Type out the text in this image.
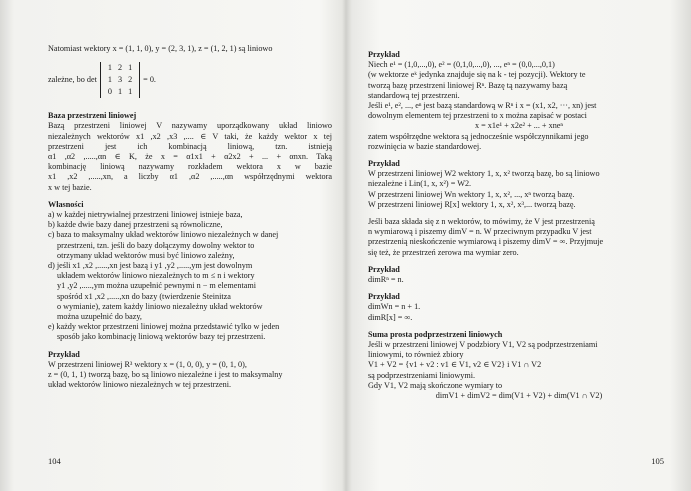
Natomiast wektory x = (1, 1, 0), y = (2, 3, 1), z = (1, 2, 1) są liniowo
zależne, bo det
1	2	1
1	3	2
0	1	1
= 0.
Baza przestrzeni liniowej
Bazą przestrzeni liniowej V nazywamy uporządkowany układ liniowo
niezależnych wektorów x1 ,x2 ,x3 ,.... ∈ V taki, że każdy wektor x tej
przestrzeni jest ich kombinacją liniową, tzn. istnieją
α1 ,α2 ,.....,αn ∈ K, że x = α1x1 + α2x2 + ... + αnxn. Taką
kombinację liniową nazywamy rozkładem wektora x w bazie
x1 ,x2 ,.....,xn, a liczby α1 ,α2 ,.....,αn współrzędnymi wektora
x w tej bazie.
Własności
a) w każdej nietrywialnej przestrzeni liniowej istnieje baza,
b) każde dwie bazy danej przestrzeni są równoliczne,
c) baza to maksymalny układ wektorów liniowo niezależnych w danej
przestrzeni, tzn. jeśli do bazy dołączymy dowolny wektor to
otrzymany układ wektorów musi być liniowo zależny,
d) jeśli x1 ,x2 ,.....,xn jest bazą i y1 ,y2 ,.....,ym jest dowolnym
układem wektorów liniowo niezależnych to m ≤ n i wektory
y1 ,y2 ,.....,ym można uzupełnić pewnymi n − m elementami
spośród x1 ,x2 ,.....,xn do bazy (twierdzenie Steinitza
o wymianie), zatem każdy liniowo niezależny układ wektorów
można uzupełnić do bazy,
e) każdy wektor przestrzeni liniowej można przedstawić tylko w jeden
sposób jako kombinację liniową wektorów bazy tej przestrzeni.
Przykład
W przestrzeni liniowej R³ wektory x = (1, 0, 0), y = (0, 1, 0),
z = (0, 1, 1) tworzą bazę, bo są liniowo niezależne i jest to maksymalny
układ wektorów liniowo niezależnych w tej przestrzeni.
104
Przykład
Niech e¹ = (1,0,...,0), e² = (0,1,0,...,0), ..., eⁿ = (0,0,...,0,1)
(w wektorze eᵏ jedynka znajduje się na k - tej pozycji). Wektory te
tworzą bazę przestrzeni liniowej Rⁿ. Bazę tą nazywamy bazą
standardową tej przestrzeni.
Jeśli e¹, e², ..., eⁿ jest bazą standardową w Rⁿ i x = (x1, x2, ···, xn) jest
dowolnym elementem tej przestrzeni to x można zapisać w postaci
x = x1e¹ + x2e² + ... + xneⁿ
zatem współrzędne wektora są jednocześnie współczynnikami jego
rozwinięcia w bazie standardowej.
Przykład
W przestrzeni liniowej W2 wektory 1, x, x² tworzą bazę, bo są liniowo
niezależne i Lin(1, x, x²) = W2.
W przestrzeni liniowej Wn wektory 1, x, x², ..., xⁿ tworzą bazę.
W przestrzeni liniowej R[x] wektory 1, x, x², x³,... tworzą bazę.
Jeśli baza składa się z n wektorów, to mówimy, że V jest przestrzenią
n wymiarową i piszemy dimV = n. W przeciwnym przypadku V jest
przestrzenią nieskończenie wymiarową i piszemy dimV = ∞. Przyjmuje
się też, że przestrzeń zerowa ma wymiar zero.
Przykład
dimRⁿ = n.
Przykład
dimWn = n + 1.
dimR[x] = ∞.
Suma prosta podprzestrzeni liniowych
Jeśli w przestrzeni liniowej V podzbiory V1, V2 są podprzestrzeniami
liniowymi, to również zbiory
V1 + V2 = {v1 + v2 : v1 ∈ V1, v2 ∈ V2} i V1 ∩ V2
są podprzestrzeniami liniowymi.
Gdy V1, V2 mają skończone wymiary to
dimV1 + dimV2 = dim(V1 + V2) + dim(V1 ∩ V2)
105
